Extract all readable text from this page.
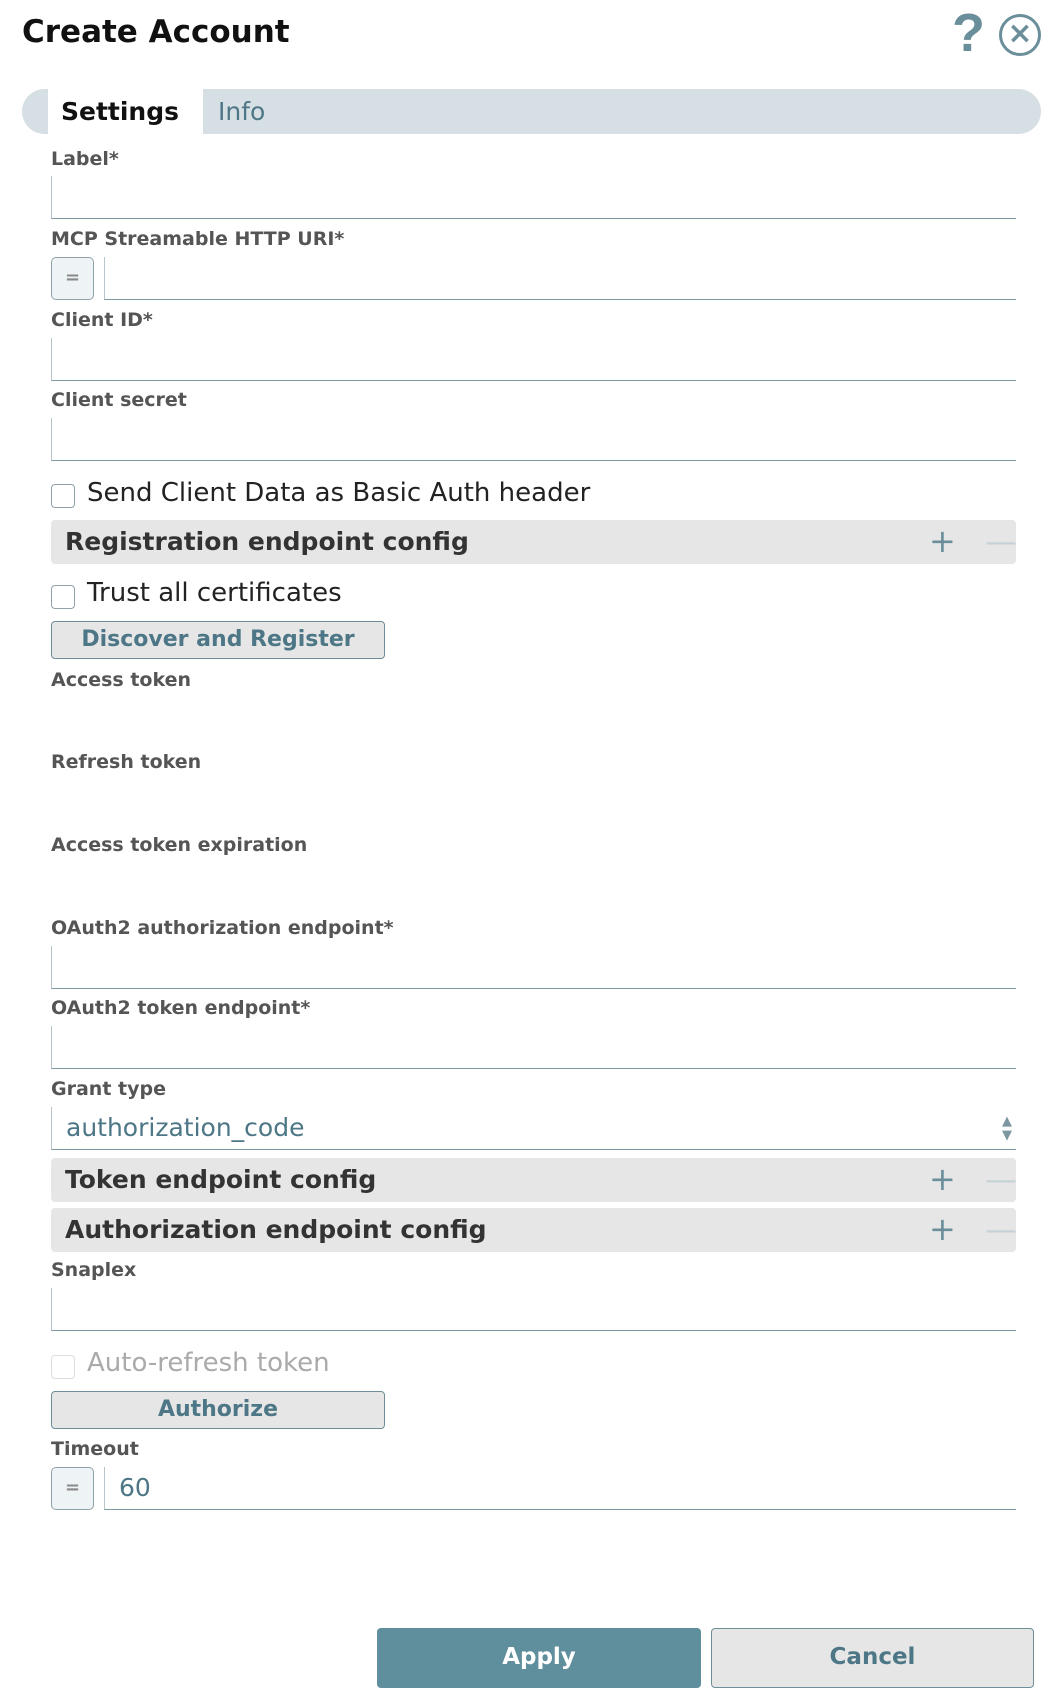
Create Account	? ×
Settings	Info
Label*
MCP Streamable HTTP URI*
=
Client ID*
Client secret
Send Client Data as Basic Auth header
Registration endpoint config	+ —
Trust all certificates
Discover and Register
Access token
Refresh token
Access token expiration
OAuth2 authorization endpoint*
OAuth2 token endpoint*
Grant type
authorization_code	▲
▼
Token endpoint config	+ —
Authorization endpoint config	+ —
Snaplex
Auto-refresh token
Authorize
Timeout
=	60
Apply	Cancel
